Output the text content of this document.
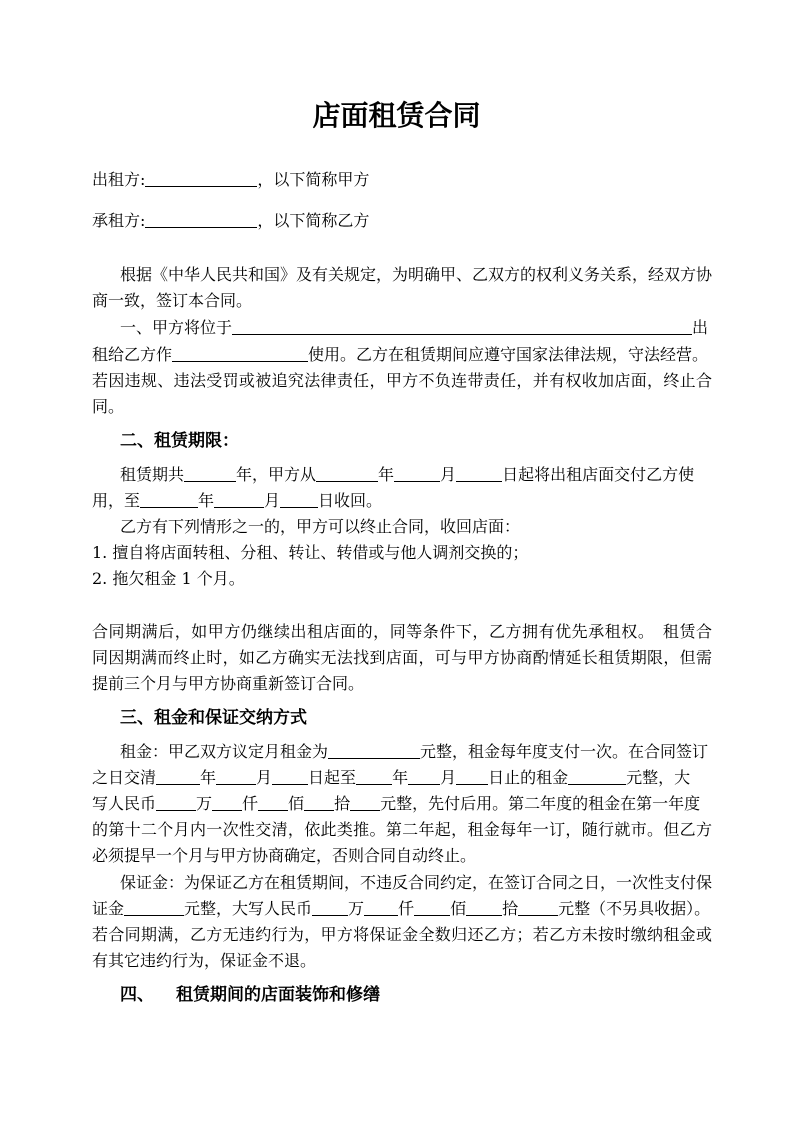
店面租赁合同
出租方:	，以下简称甲方
承租方:	，以下简称乙方
根据《中华人民共和国》及有关规定，为明确甲、乙双方的权利义务关系，经双方协
商一致，签订本合同。
一、甲方将位于	出
租给乙方作	使用。乙方在租赁期间应遵守国家法律法规，守法经营。
若因违规、违法受罚或被追究法律责任，甲方不负连带责任，并有权收加店面，终止合
同。
二、租赁期限：
租赁期共	年，甲方从	年	月	日起将出租店面交付乙方使
用，至	年	月 日收回。
乙方有下列情形之一的，甲方可以终止合同，收回店面：
1. 擅自将店面转租、分租、转让、转借或与他人调剂交换的；
2. 拖欠租金 1 个月。
合同期满后，如甲方仍继续出租店面的，同等条件下，乙方拥有优先承租权。　租赁合
同因期满而终止时，如乙方确实无法找到店面，可与甲方协商酌情延长租赁期限，但需
提前三个月与甲方协商重新签订合同。
三、租金和保证交纳方式
租金：甲乙双方议定月租金为	元整，租金每年度支付一次。在合同签订
之日交清	年	月 日起至 年 月 日止的租金	元整，大
写人民币	万 仟 佰 拾 元整，先付后用。第二年度的租金在第一年度
的第十二个月内一次性交清，依此类推。第二年起，租金每年一订，随行就市。但乙方
必须提早一个月与甲方协商确定，否则合同自动终止。
保证金：为保证乙方在租赁期间，不违反合同约定，在签订合同之日，一次性支付保
证金	元整，大写人民币 万 仟 佰 拾	元整（不另具收据）。
若合同期满，乙方无违约行为，甲方将保证金全数归还乙方；若乙方未按时缴纳租金或
有其它违约行为，保证金不退。
四、 租赁期间的店面装饰和修缮
